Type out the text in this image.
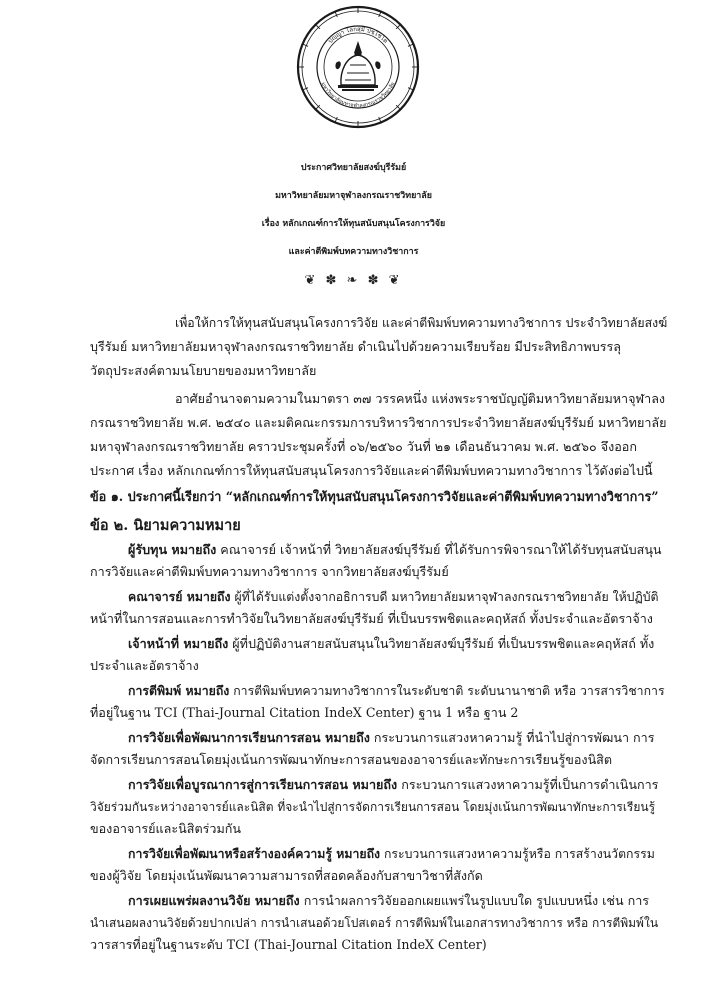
ปญฺญา โลกสฺมึ ปชฺโชโต
มหาวิทยาลัยมหาจุฬาลงกรณราชวิทยาลัย
ประกาศวิทยาลัยสงฆ์บุรีรัมย์
มหาวิทยาลัยมหาจุฬาลงกรณราชวิทยาลัย
เรื่อง หลักเกณฑ์การให้ทุนสนับสนุนโครงการวิจัย
และค่าตีพิมพ์บทความทางวิชาการ
❦ ✽ ❧ ✽ ❦
เพื่อให้การให้ทุนสนับสนุนโครงการวิจัย และค่าตีพิมพ์บทความทางวิชาการ ประจำวิทยาลัยสงฆ์
บุรีรัมย์ มหาวิทยาลัยมหาจุฬาลงกรณราชวิทยาลัย ดำเนินไปด้วยความเรียบร้อย มีประสิทธิภาพบรรลุ
วัตถุประสงค์ตามนโยบายของมหาวิทยาลัย
อาศัยอำนาจตามความในมาตรา ๓๗ วรรคหนึ่ง แห่งพระราชบัญญัติมหาวิทยาลัยมหาจุฬาลง
กรณราชวิทยาลัย พ.ศ. ๒๕๔๐ และมติคณะกรรมการบริหารวิชาการประจำวิทยาลัยสงฆ์บุรีรัมย์ มหาวิทยาลัย
มหาจุฬาลงกรณราชวิทยาลัย คราวประชุมครั้งที่ ๐๖/๒๕๖๐ วันที่ ๒๑ เดือนธันวาคม พ.ศ. ๒๕๖๐ จึงออก
ประกาศ เรื่อง หลักเกณฑ์การให้ทุนสนับสนุนโครงการวิจัยและค่าตีพิมพ์บทความทางวิชาการ ไว้ดังต่อไปนี้
ข้อ ๑. ประกาศนี้เรียกว่า “หลักเกณฑ์การให้ทุนสนับสนุนโครงการวิจัยและค่าตีพิมพ์บทความทางวิชาการ”
ข้อ ๒. นิยามความหมาย
ผู้รับทุน หมายถึง คณาจารย์ เจ้าหน้าที่ วิทยาลัยสงฆ์บุรีรัมย์ ที่ได้รับการพิจารณาให้ได้รับทุนสนับสนุน
การวิจัยและค่าตีพิมพ์บทความทางวิชาการ จากวิทยาลัยสงฆ์บุรีรัมย์
คณาจารย์ หมายถึง ผู้ที่ได้รับแต่งตั้งจากอธิการบดี มหาวิทยาลัยมหาจุฬาลงกรณราชวิทยาลัย ให้ปฏิบัติ
หน้าที่ในการสอนและการทำวิจัยในวิทยาลัยสงฆ์บุรีรัมย์ ที่เป็นบรรพชิตและคฤหัสถ์ ทั้งประจำและอัตราจ้าง
เจ้าหน้าที่ หมายถึง ผู้ที่ปฏิบัติงานสายสนับสนุนในวิทยาลัยสงฆ์บุรีรัมย์ ที่เป็นบรรพชิตและคฤหัสถ์ ทั้ง
ประจำและอัตราจ้าง
การตีพิมพ์ หมายถึง การตีพิมพ์บทความทางวิชาการในระดับชาติ ระดับนานาชาติ หรือ วารสารวิชาการ
ที่อยู่ในฐาน TCI (Thai-Journal Citation IndeX Center) ฐาน 1 หรือ ฐาน 2
การวิจัยเพื่อพัฒนาการเรียนการสอน หมายถึง กระบวนการแสวงหาความรู้ ที่นำไปสู่การพัฒนา การ
จัดการเรียนการสอนโดยมุ่งเน้นการพัฒนาทักษะการสอนของอาจารย์และทักษะการเรียนรู้ของนิสิต
การวิจัยเพื่อบูรณาการสู่การเรียนการสอน หมายถึง กระบวนการแสวงหาความรู้ที่เป็นการดำเนินการ
วิจัยร่วมกันระหว่างอาจารย์และนิสิต ที่จะนำไปสู่การจัดการเรียนการสอน โดยมุ่งเน้นการพัฒนาทักษะการเรียนรู้
ของอาจารย์และนิสิตร่วมกัน
การวิจัยเพื่อพัฒนาหรือสร้างองค์ความรู้ หมายถึง กระบวนการแสวงหาความรู้หรือ การสร้างนวัตกรรม
ของผู้วิจัย โดยมุ่งเน้นพัฒนาความสามารถที่สอดคล้องกับสาขาวิชาที่สังกัด
การเผยแพร่ผลงานวิจัย หมายถึง การนำผลการวิจัยออกเผยแพร่ในรูปแบบใด รูปแบบหนึ่ง เช่น การ
นำเสนอผลงานวิจัยด้วยปากเปล่า การนำเสนอด้วยโปสเตอร์ การตีพิมพ์ในเอกสารทางวิชาการ หรือ การตีพิมพ์ใน
วารสารที่อยู่ในฐานระดับ TCI (Thai-Journal Citation IndeX Center)
